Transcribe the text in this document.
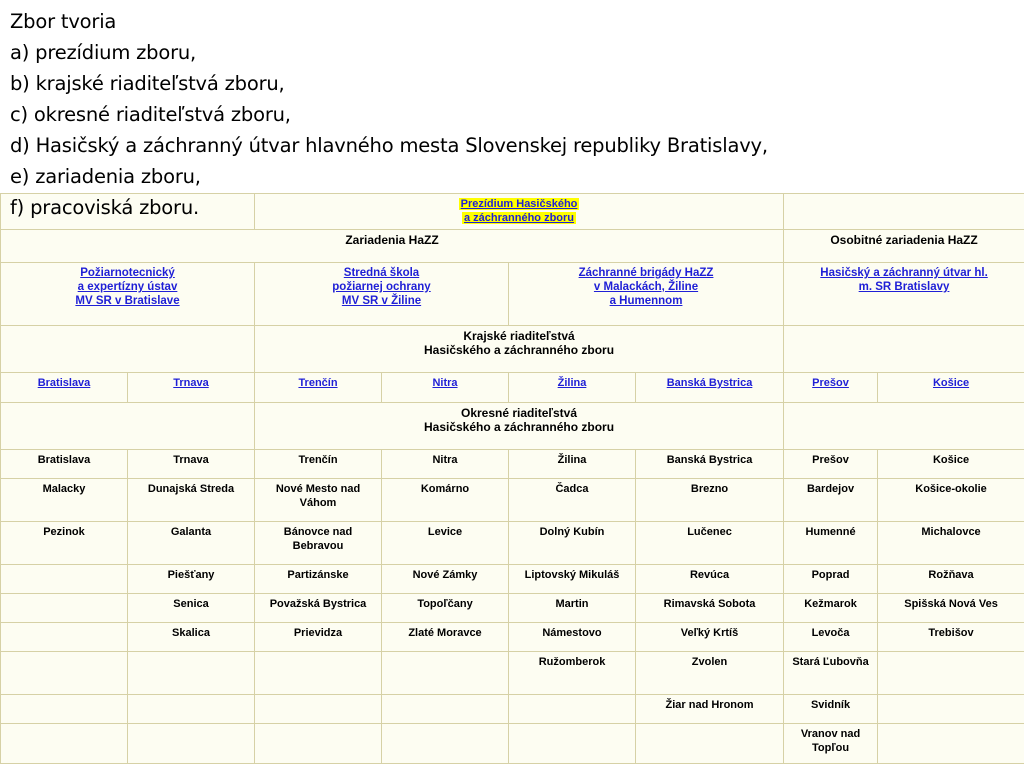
Zbor tvoria
a) prezídium zboru,
b) krajské riaditeľstvá zboru,
c) okresné riaditeľstvá zboru,
d) Hasičský a záchranný útvar hlavného mesta Slovenskej republiky Bratislavy,
e) zariadenia zboru,
f) pracoviská zboru.
		Prezídium Hasičského
a záchranného zboru					
Zariadenia HaZZ						Osobitné zariadenia HaZZ	
Požiarnotecnický
a expertízny ústav
MV SR v Bratislave		Stredná škola
požiarnej ochrany
MV SR v Žiline		Záchranné brigády HaZZ
v Malackách, Žiline
a Humennom		Hasičský a záchranný útvar hl.
m. SR Bratislavy	
		Krajské riaditeľstvá
Hasičského a záchranného zboru					
Bratislava	Trnava	Trenčín	Nitra	Žilina	Banská Bystrica	Prešov	Košice
		Okresné riaditeľstvá
Hasičského a záchranného zboru					
Bratislava	Trnava	Trenčín	Nitra	Žilina	Banská Bystrica	Prešov	Košice
Malacky	Dunajská Streda	Nové Mesto nad Váhom	Komárno	Čadca	Brezno	Bardejov	Košice-okolie
Pezinok	Galanta	Bánovce nad Bebravou	Levice	Dolný Kubín	Lučenec	Humenné	Michalovce
	Piešťany	Partizánske	Nové Zámky	Liptovský Mikuláš	Revúca	Poprad	Rožňava
	Senica	Považská Bystrica	Topoľčany	Martin	Rimavská Sobota	Kežmarok	Spišská Nová Ves
	Skalica	Prievidza	Zlaté Moravce	Námestovo	Veľký Krtíš	Levoča	Trebišov
				Ružomberok	Zvolen	Stará Ľubovňa	
					Žiar nad Hronom	Svidník	
						Vranov nad Topľou	
